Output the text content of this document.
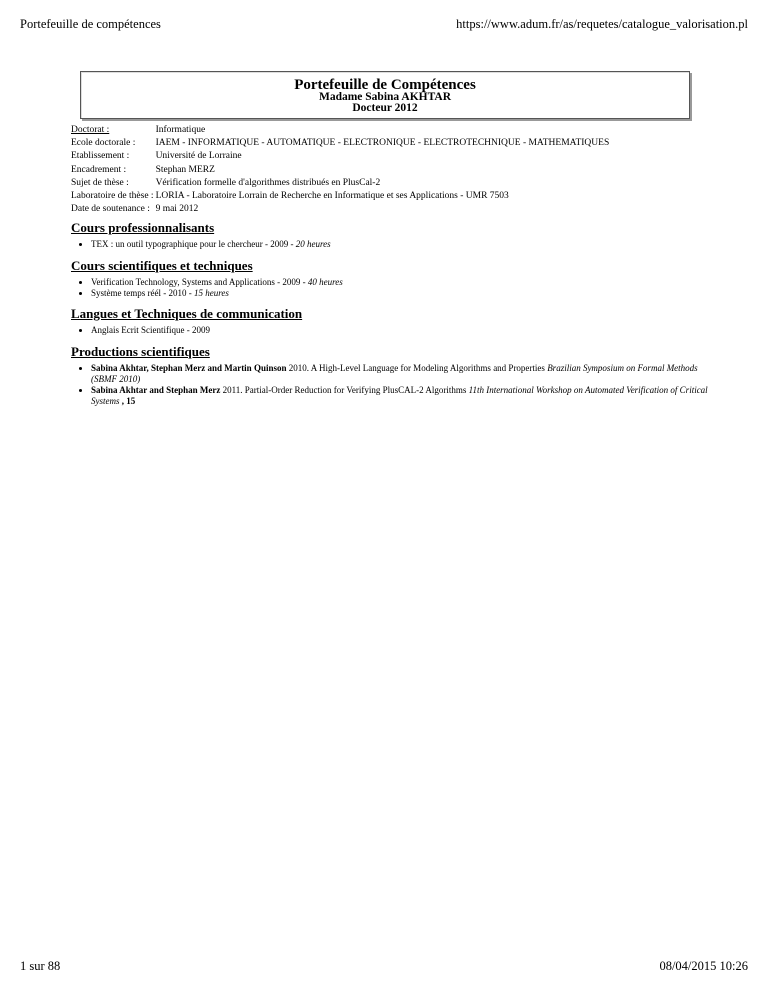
Portefeuille de compétences	https://www.adum.fr/as/requetes/catalogue_valorisation.pl
Portefeuille de Compétences
Madame Sabina AKHTAR
Docteur 2012
Doctorat :	Informatique
Ecole doctorale :	IAEM - INFORMATIQUE - AUTOMATIQUE - ELECTRONIQUE - ELECTROTECHNIQUE - MATHEMATIQUES
Etablissement :	Université de Lorraine
Encadrement :	Stephan MERZ
Sujet de thèse :	Vérification formelle d'algorithmes distribués en PlusCal-2
Laboratoire de thèse :	LORIA - Laboratoire Lorrain de Recherche en Informatique et ses Applications - UMR 7503
Date de soutenance :	9 mai 2012
Cours professionnalisants
• TEX : un outil typographique pour le chercheur - 2009 - 20 heures
Cours scientifiques et techniques
• Verification Technology, Systems and Applications - 2009 - 40 heures
• Système temps réél - 2010 - 15 heures
Langues et Techniques de communication
• Anglais Ecrit Scientifique - 2009
Productions scientifiques
• Sabina Akhtar, Stephan Merz and Martin Quinson 2010. A High-Level Language for Modeling Algorithms and Properties Brazilian Symposium on Formal Methods (SBMF 2010)
• Sabina Akhtar and Stephan Merz 2011. Partial-Order Reduction for Verifying PlusCAL-2 Algorithms 11th International Workshop on Automated Verification of Critical Systems , 15
1 sur 88	08/04/2015 10:26
